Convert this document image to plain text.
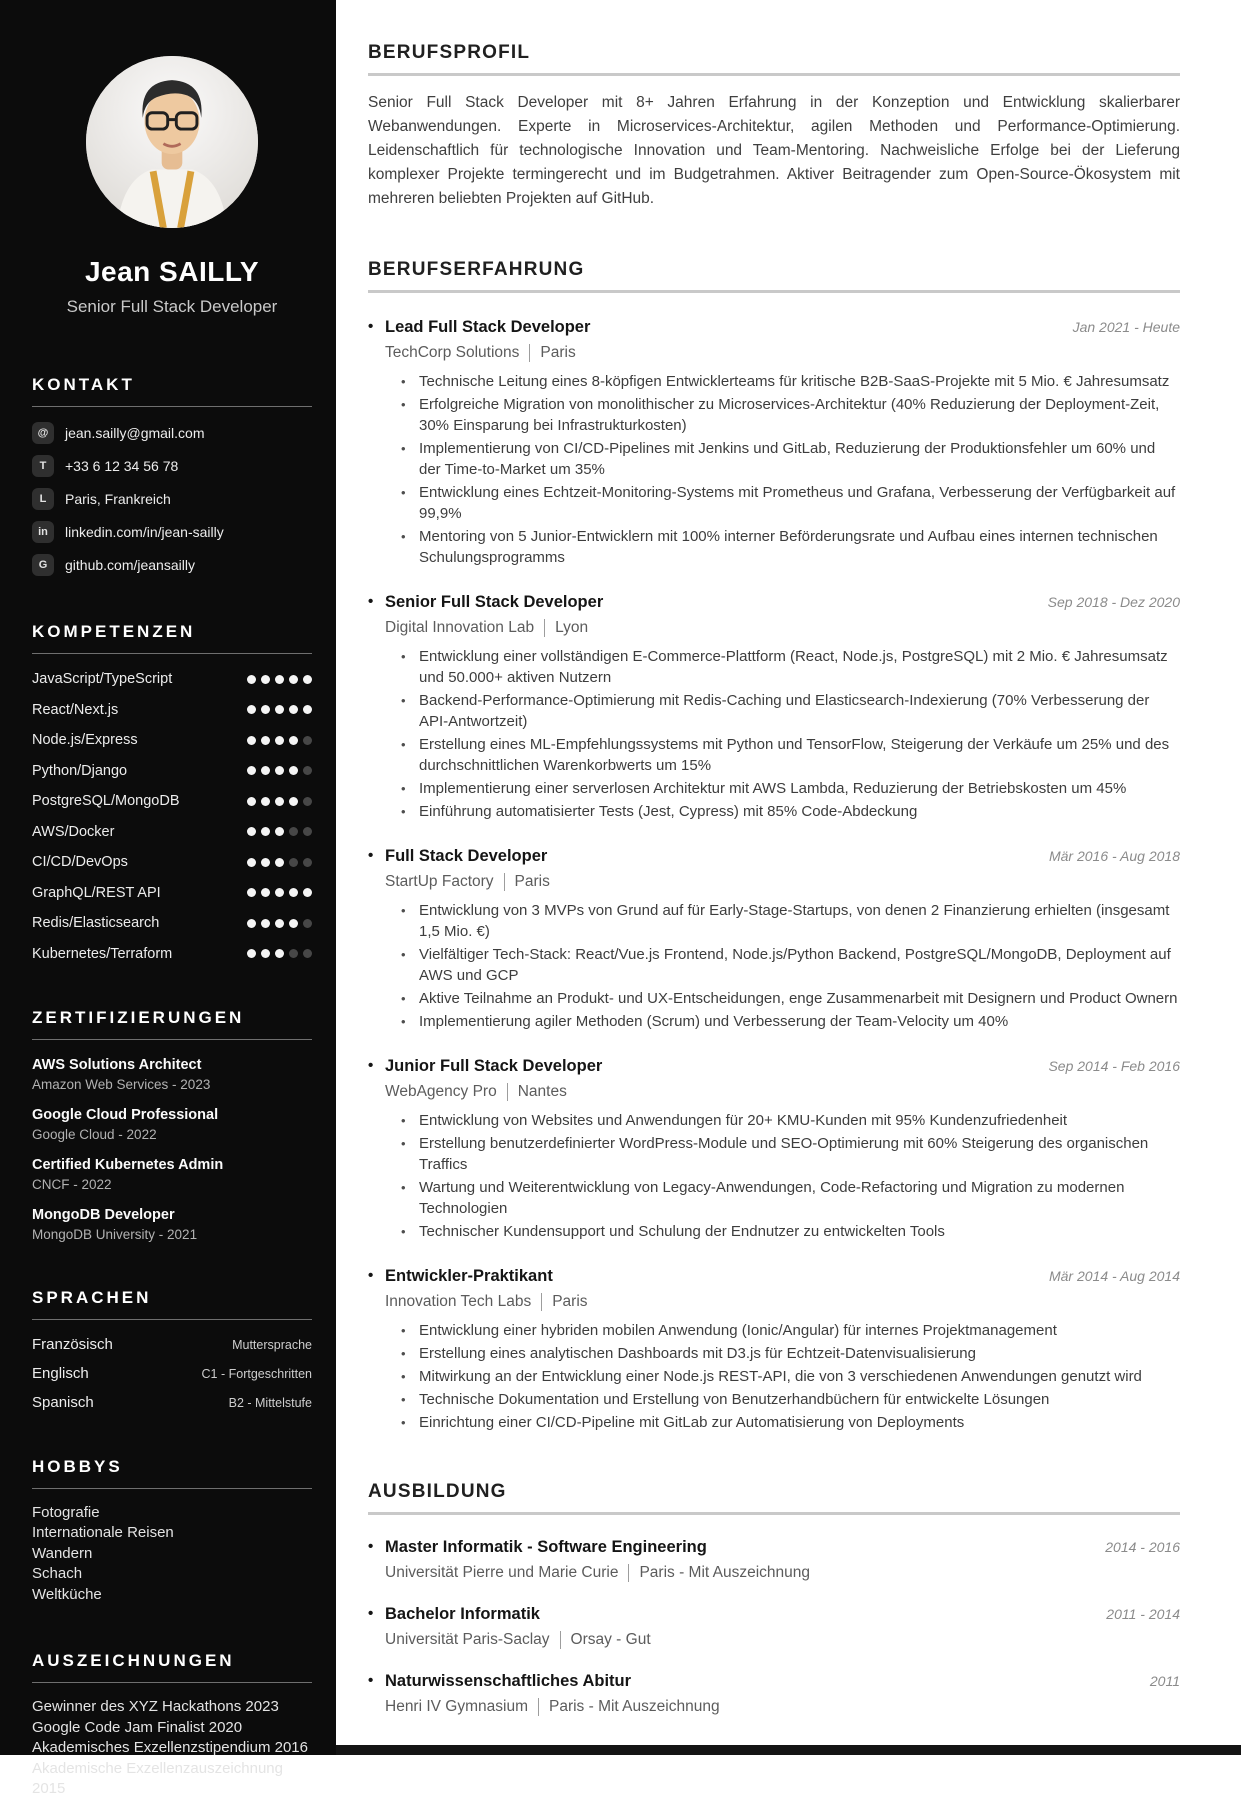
Jean SAILLY
Senior Full Stack Developer
KONTAKT
@	jean.sailly@gmail.com
T	+33 6 12 34 56 78
L	Paris, Frankreich
in	linkedin.com/in/jean-sailly
G	github.com/jeansailly
KOMPETENZEN
JavaScript/TypeScript
React/Next.js
Node.js/Express
Python/Django
PostgreSQL/MongoDB
AWS/Docker
CI/CD/DevOps
GraphQL/REST API
Redis/Elasticsearch
Kubernetes/Terraform
ZERTIFIZIERUNGEN
AWS Solutions Architect
Amazon Web Services - 2023
Google Cloud Professional
Google Cloud - 2022
Certified Kubernetes Admin
CNCF - 2022
MongoDB Developer
MongoDB University - 2021
SPRACHEN
Französisch	Muttersprache
Englisch	C1 - Fortgeschritten
Spanisch	B2 - Mittelstufe
HOBBYS
Fotografie
Internationale Reisen
Wandern
Schach
Weltküche
AUSZEICHNUNGEN
Gewinner des XYZ Hackathons 2023
Google Code Jam Finalist 2020
Akademisches Exzellenzstipendium 2016
Akademische Exzellenzauszeichnung 2015
BERUFSPROFIL

Senior Full Stack Developer mit 8+ Jahren Erfahrung in der Konzeption und Entwicklung skalierbarer Webanwendungen. Experte in Microservices-Architektur, agilen Methoden und Performance-Optimierung. Leidenschaftlich für technologische Innovation und Team-Mentoring. Nachweisliche Erfolge bei der Lieferung komplexer Projekte termingerecht und im Budgetrahmen. Aktiver Beitragender zum Open-Source-Ökosystem mit mehreren beliebten Projekten auf GitHub.

BERUFSERFAHRUNG
• Lead Full Stack Developer	Jan 2021 - Heute
TechCorp Solutions Paris
• Technische Leitung eines 8-köpfigen Entwicklerteams für kritische B2B-SaaS-Projekte mit 5 Mio. € Jahresumsatz
• Erfolgreiche Migration von monolithischer zu Microservices-Architektur (40% Reduzierung der Deployment-Zeit, 30% Einsparung bei Infrastrukturkosten)
• Implementierung von CI/CD-Pipelines mit Jenkins und GitLab, Reduzierung der Produktionsfehler um 60% und der Time-to-Market um 35%
• Entwicklung eines Echtzeit-Monitoring-Systems mit Prometheus und Grafana, Verbesserung der Verfügbarkeit auf 99,9%
• Mentoring von 5 Junior-Entwicklern mit 100% interner Beförderungsrate und Aufbau eines internen technischen Schulungsprogramms
• Senior Full Stack Developer	Sep 2018 - Dez 2020
Digital Innovation Lab Lyon
• Entwicklung einer vollständigen E-Commerce-Plattform (React, Node.js, PostgreSQL) mit 2 Mio. € Jahresumsatz und 50.000+ aktiven Nutzern
• Backend-Performance-Optimierung mit Redis-Caching und Elasticsearch-Indexierung (70% Verbesserung der API-Antwortzeit)
• Erstellung eines ML-Empfehlungssystems mit Python und TensorFlow, Steigerung der Verkäufe um 25% und des durchschnittlichen Warenkorbwerts um 15%
• Implementierung einer serverlosen Architektur mit AWS Lambda, Reduzierung der Betriebskosten um 45%
• Einführung automatisierter Tests (Jest, Cypress) mit 85% Code-Abdeckung
• Full Stack Developer	Mär 2016 - Aug 2018
StartUp Factory Paris
• Entwicklung von 3 MVPs von Grund auf für Early-Stage-Startups, von denen 2 Finanzierung erhielten (insgesamt 1,5 Mio. €)
• Vielfältiger Tech-Stack: React/Vue.js Frontend, Node.js/Python Backend, PostgreSQL/MongoDB, Deployment auf AWS und GCP
• Aktive Teilnahme an Produkt- und UX-Entscheidungen, enge Zusammenarbeit mit Designern und Product Ownern
• Implementierung agiler Methoden (Scrum) und Verbesserung der Team-Velocity um 40%
• Junior Full Stack Developer	Sep 2014 - Feb 2016
WebAgency Pro Nantes
• Entwicklung von Websites und Anwendungen für 20+ KMU-Kunden mit 95% Kundenzufriedenheit
• Erstellung benutzerdefinierter WordPress-Module und SEO-Optimierung mit 60% Steigerung des organischen Traffics
• Wartung und Weiterentwicklung von Legacy-Anwendungen, Code-Refactoring und Migration zu modernen Technologien
• Technischer Kundensupport und Schulung der Endnutzer zu entwickelten Tools
• Entwickler-Praktikant	Mär 2014 - Aug 2014
Innovation Tech Labs Paris
• Entwicklung einer hybriden mobilen Anwendung (Ionic/Angular) für internes Projektmanagement
• Erstellung eines analytischen Dashboards mit D3.js für Echtzeit-Datenvisualisierung
• Mitwirkung an der Entwicklung einer Node.js REST-API, die von 3 verschiedenen Anwendungen genutzt wird
• Technische Dokumentation und Erstellung von Benutzerhandbüchern für entwickelte Lösungen
• Einrichtung einer CI/CD-Pipeline mit GitLab zur Automatisierung von Deployments
AUSBILDUNG
• Master Informatik - Software Engineering	2014 - 2016
Universität Pierre und Marie Curie Paris - Mit Auszeichnung
• Bachelor Informatik	2011 - 2014
Universität Paris-Saclay Orsay - Gut
• Naturwissenschaftliches Abitur	2011
Henri IV Gymnasium Paris - Mit Auszeichnung
